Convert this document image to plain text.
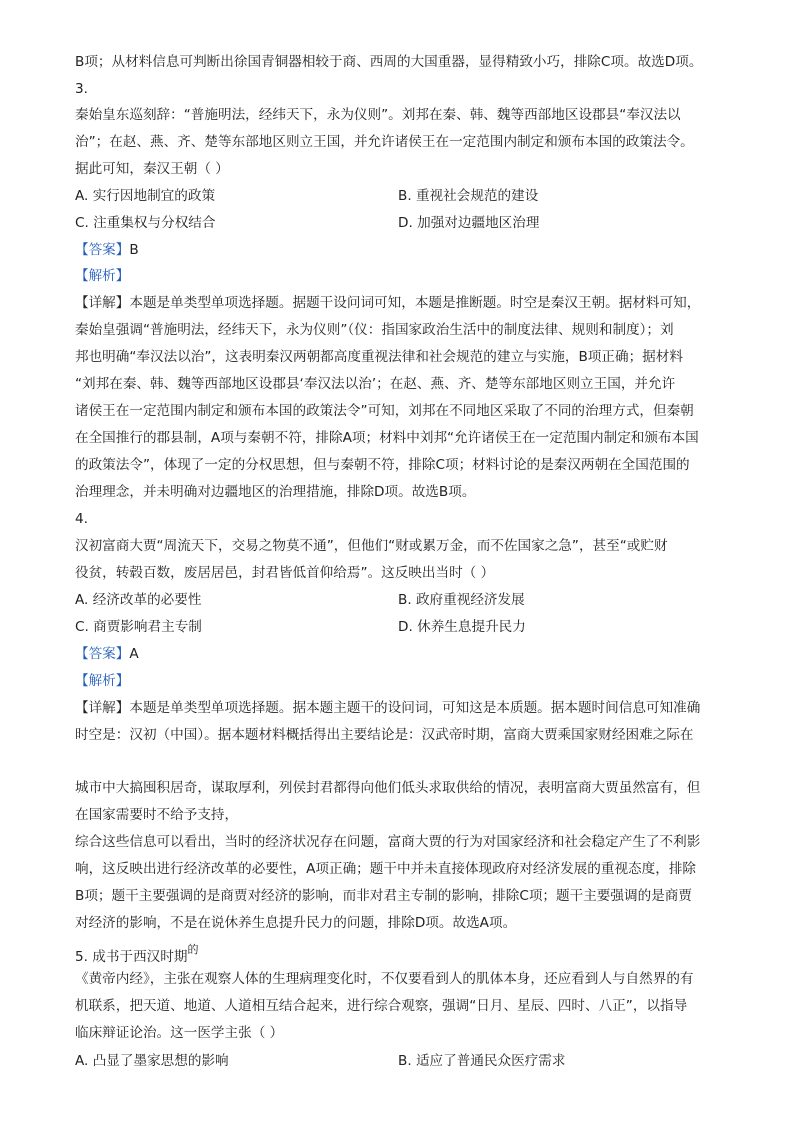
B项；从材料信息可判断出徐国青铜器相较于商、西周的大国重器，显得精致小巧，排除C项。故选D项。
3.
秦始皇东巡刻辞：“普施明法，经纬天下，永为仪则”。刘邦在秦、韩、魏等西部地区设郡县“奉汉法以
治”；在赵、燕、齐、楚等东部地区则立王国，并允许诸侯王在一定范围内制定和颁布本国的政策法令。
据此可知，秦汉王朝（ ）
A. 实行因地制宜的政策	B. 重视社会规范的建设
C. 注重集权与分权结合	D. 加强对边疆地区治理
【答案】B
【解析】
【详解】本题是单类型单项选择题。据题干设问词可知，本题是推断题。时空是秦汉王朝。据材料可知，
秦始皇强调“普施明法，经纬天下，永为仪则”（仪：指国家政治生活中的制度法律、规则和制度）；刘
邦也明确“奉汉法以治”，这表明秦汉两朝都高度重视法律和社会规范的建立与实施，B项正确；据材料
“刘邦在秦、韩、魏等西部地区设郡县‘奉汉法以治’；在赵、燕、齐、楚等东部地区则立王国，并允许
诸侯王在一定范围内制定和颁布本国的政策法令”可知，刘邦在不同地区采取了不同的治理方式，但秦朝
在全国推行的郡县制，A项与秦朝不符，排除A项；材料中刘邦“允许诸侯王在一定范围内制定和颁布本国
的政策法令”，体现了一定的分权思想，但与秦朝不符，排除C项；材料讨论的是秦汉两朝在全国范围的
治理理念，并未明确对边疆地区的治理措施，排除D项。故选B项。
4.
汉初富商大贾“周流天下，交易之物莫不通”，但他们“财或累万金，而不佐国家之急”，甚至“或贮财
役贫，转毂百数，废居居邑，封君皆低首仰给焉”。这反映出当时（ ）
A. 经济改革的必要性	B. 政府重视经济发展
C. 商贾影响君主专制	D. 休养生息提升民力
【答案】A
【解析】
【详解】本题是单类型单项选择题。据本题主题干的设问词，可知这是本质题。据本题时间信息可知准确
时空是：汉初（中国）。据本题材料概括得出主要结论是：汉武帝时期，富商大贾乘国家财经困难之际在
城市中大搞囤积居奇，谋取厚利，列侯封君都得向他们低头求取供给的情况，表明富商大贾虽然富有，但
在国家需要时不给予支持，
综合这些信息可以看出，当时的经济状况存在问题，富商大贾的行为对国家经济和社会稳定产生了不利影
响，这反映出进行经济改革的必要性，A项正确；题干中并未直接体现政府对经济发展的重视态度，排除
B项；题干主要强调的是商贾对经济的影响，而非对君主专制的影响，排除C项；题干主要强调的是商贾
对经济的影响，不是在说休养生息提升民力的问题，排除D项。故选A项。
5. 成书于西汉时期$^的$
《黄帝内经》，主张在观察人体的生理病理变化时，不仅要看到人的肌体本身，还应看到人与自然界的有
机联系，把天道、地道、人道相互结合起来，进行综合观察，强调“日月、星辰、四时、八正”，以指导
临床辩证论治。这一医学主张（ ）
A. 凸显了墨家思想的影响	B. 适应了普通民众医疗需求
